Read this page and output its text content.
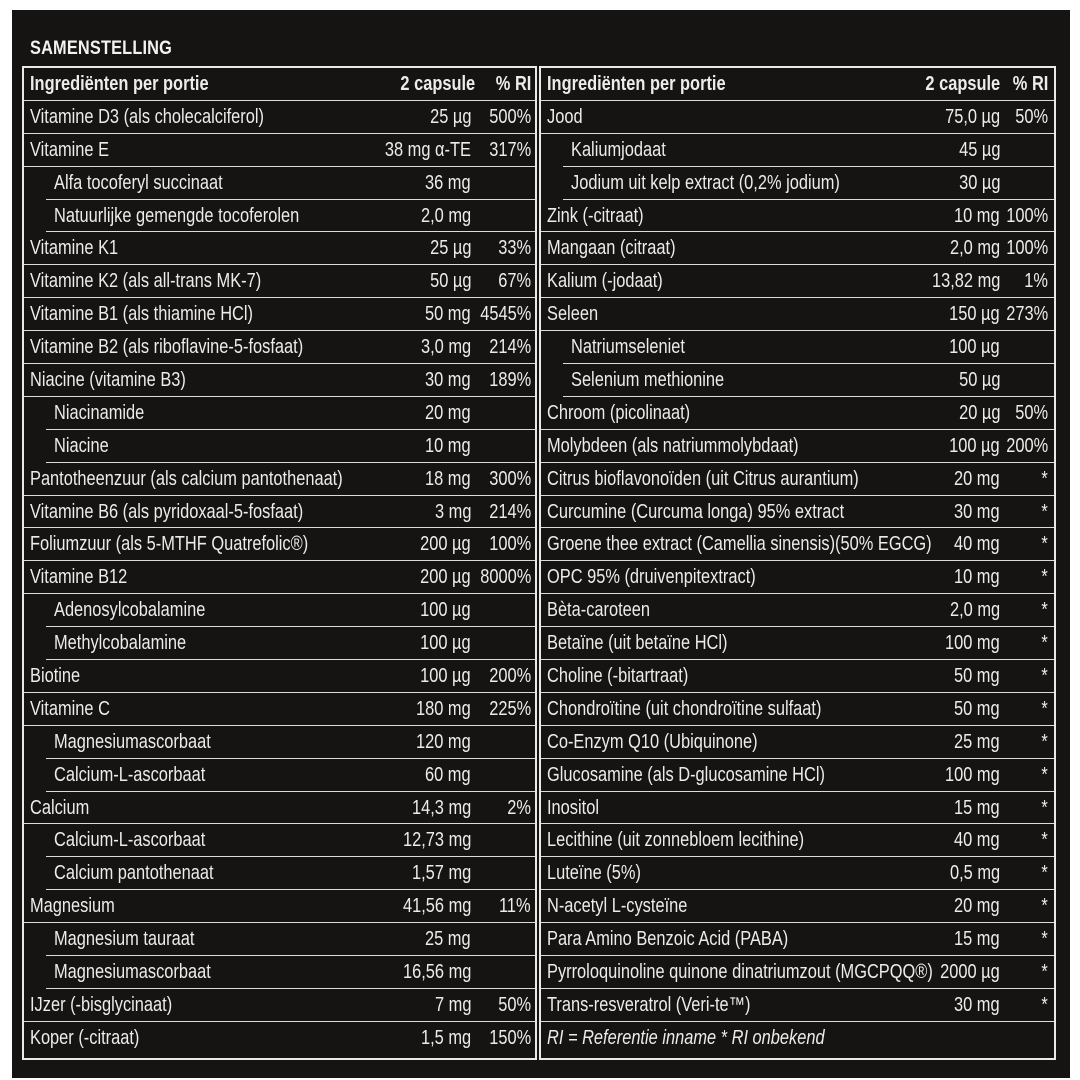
SAMENSTELLING
Ingrediënten per portie	2 capsule % RI
Vitamine D3 (als cholecalciferol)	25 µg 500%
Vitamine E	38 mg α-TE 317%
Alfa tocoferyl succinaat	36 mg
Natuurlijke gemengde tocoferolen	2,0 mg
Vitamine K1	25 µg 33%
Vitamine K2 (als all-trans MK-7)	50 µg 67%
Vitamine B1 (als thiamine HCl)	50 mg 4545%
Vitamine B2 (als riboflavine-5-fosfaat)	3,0 mg 214%
Niacine (vitamine B3)	30 mg 189%
Niacinamide	20 mg
Niacine	10 mg
Pantotheenzuur (als calcium pantothenaat)	18 mg 300%
Vitamine B6 (als pyridoxaal-5-fosfaat)	3 mg 214%
Foliumzuur (als 5-MTHF Quatrefolic®)	200 µg 100%
Vitamine B12	200 µg 8000%
Adenosylcobalamine	100 µg
Methylcobalamine	100 µg
Biotine	100 µg 200%
Vitamine C	180 mg 225%
Magnesiumascorbaat	120 mg
Calcium-L-ascorbaat	60 mg
Calcium	14,3 mg 2%
Calcium-L-ascorbaat	12,73 mg
Calcium pantothenaat	1,57 mg
Magnesium	41,56 mg 11%
Magnesium tauraat	25 mg
Magnesiumascorbaat	16,56 mg
IJzer (-bisglycinaat)	7 mg 50%
Koper (-citraat)	1,5 mg 150%
Ingrediënten per portie	2 capsule % RI
Jood	75,0 µg 50%
Kaliumjodaat	45 µg
Jodium uit kelp extract (0,2% jodium)	30 µg
Zink (-citraat)	10 mg 100%
Mangaan (citraat)	2,0 mg 100%
Kalium (-jodaat)	13,82 mg 1%
Seleen	150 µg 273%
Natriumseleniet	100 µg
Selenium methionine	50 µg
Chroom (picolinaat)	20 µg 50%
Molybdeen (als natriummolybdaat)	100 µg 200%
Citrus bioflavonoïden (uit Citrus aurantium)	20 mg *
Curcumine (Curcuma longa) 95% extract	30 mg *
Groene thee extract (Camellia sinensis)(50% EGCG) 40 mg *
OPC 95% (druivenpitextract)	10 mg *
Bèta-caroteen	2,0 mg *
Betaïne (uit betaïne HCl)	100 mg *
Choline (-bitartraat)	50 mg *
Chondroïtine (uit chondroïtine sulfaat)	50 mg *
Co-Enzym Q10 (Ubiquinone)	25 mg *
Glucosamine (als D-glucosamine HCl)	100 mg *
Inositol	15 mg *
Lecithine (uit zonnebloem lecithine)	40 mg *
Luteïne (5%)	0,5 mg *
N-acetyl L-cysteïne	20 mg *
Para Amino Benzoic Acid (PABA)	15 mg *
Pyrroloquinoline quinone dinatriumzout (MGCPQQ®) 2000 µg *
Trans-resveratrol (Veri-te™)	30 mg *
RI = Referentie inname * RI onbekend
